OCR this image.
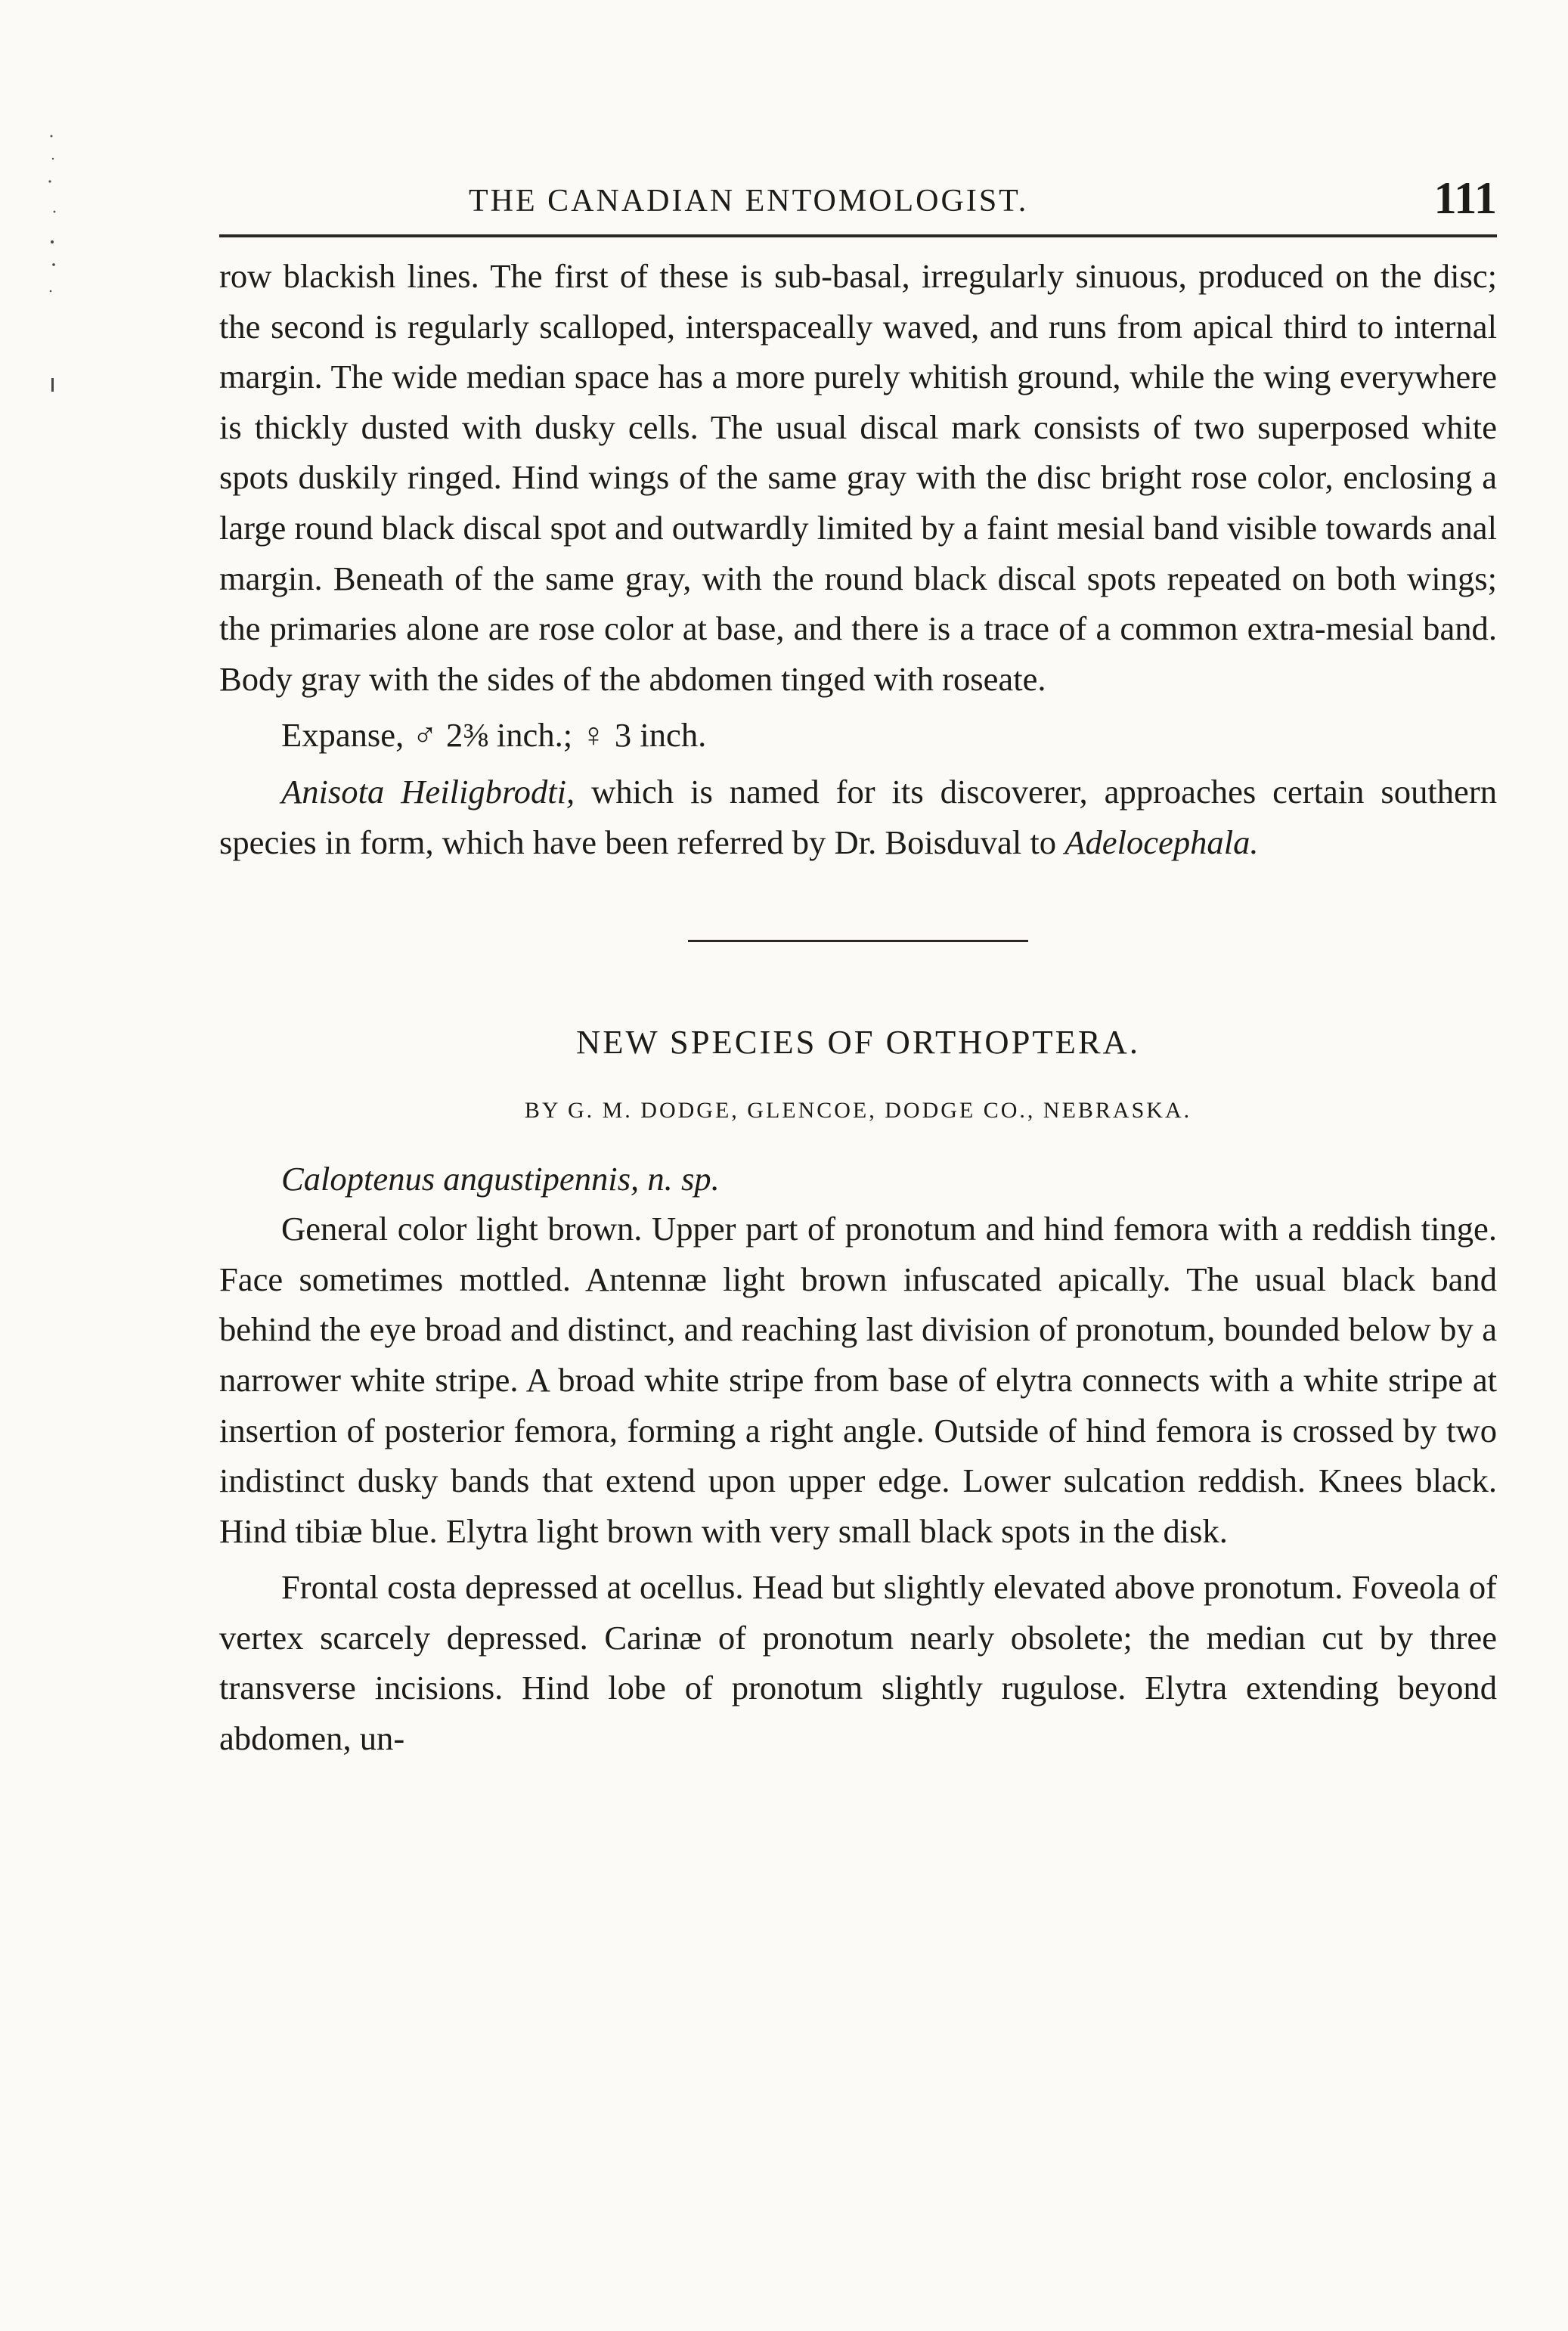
THE CANADIAN ENTOMOLOGIST.	111

row blackish lines. The first of these is sub-basal, irregularly sinuous, produced on the disc; the second is regularly scalloped, interspaceally waved, and runs from apical third to internal margin. The wide median space has a more purely whitish ground, while the wing everywhere is thickly dusted with dusky cells. The usual discal mark consists of two superposed white spots duskily ringed. Hind wings of the same gray with the disc bright rose color, enclosing a large round black discal spot and outwardly limited by a faint mesial band visible towards anal margin. Beneath of the same gray, with the round black discal spots repeated on both wings; the primaries alone are rose color at base, and there is a trace of a common extra-mesial band. Body gray with the sides of the abdomen tinged with roseate.

Expanse, ♂ 2⅜ inch.; ♀ 3 inch.

Anisota Heiligbrodti, which is named for its discoverer, approaches certain southern species in form, which have been referred by Dr. Boisduval to Adelocephala.

NEW SPECIES OF ORTHOPTERA.
BY G. M. DODGE, GLENCOE, DODGE CO., NEBRASKA.
Caloptenus angustipennis, n. sp.

General color light brown. Upper part of pronotum and hind femora with a reddish tinge. Face sometimes mottled. Antennæ light brown infuscated apically. The usual black band behind the eye broad and distinct, and reaching last division of pronotum, bounded below by a narrower white stripe. A broad white stripe from base of elytra connects with a white stripe at insertion of posterior femora, forming a right angle. Outside of hind femora is crossed by two indistinct dusky bands that extend upon upper edge. Lower sulcation reddish. Knees black. Hind tibiæ blue. Elytra light brown with very small black spots in the disk.

Frontal costa depressed at ocellus. Head but slightly elevated above pronotum. Foveola of vertex scarcely depressed. Carinæ of pronotum nearly obsolete; the median cut by three transverse incisions. Hind lobe of pronotum slightly rugulose. Elytra extending beyond abdomen, un-
